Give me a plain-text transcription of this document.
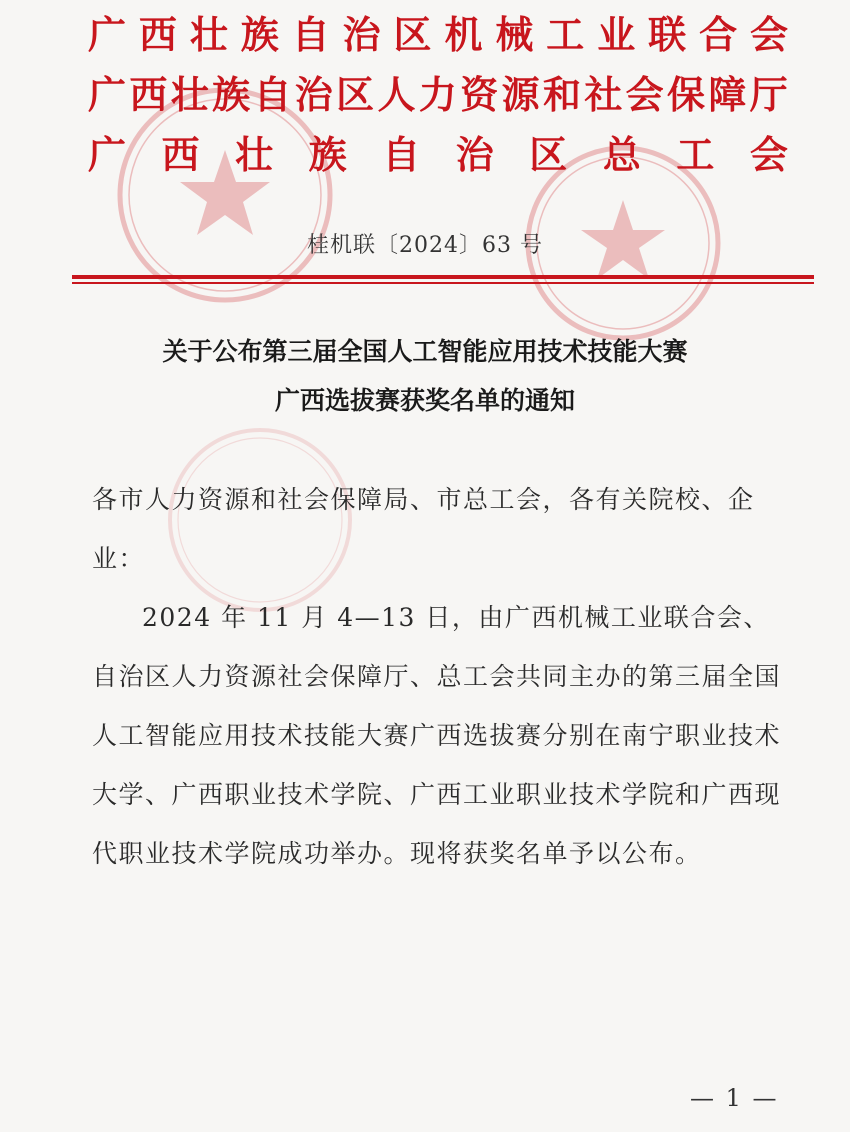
广 西 壮 族 自 治 区 机 械 工 业 联 合 会
广 西 壮 族 自 治 区 人 力 资 源 和 社 会 保 障 厅
广 西 壮 族 自 治 区 总 工 会
桂机联〔2024〕63 号
关于公布第三届全国人工智能应用技术技能大赛
广西选拔赛获奖名单的通知

各市人力资源和社会保障局、市总工会，各有关院校、企业：

2024 年 11 月 4—13 日，由广西机械工业联合会、自治区人力资源社会保障厅、总工会共同主办的第三届全国人工智能应用技术技能大赛广西选拔赛分别在南宁职业技术大学、广西职业技术学院、广西工业职业技术学院和广西现代职业技术学院成功举办。现将获奖名单予以公布。

— 1 —
